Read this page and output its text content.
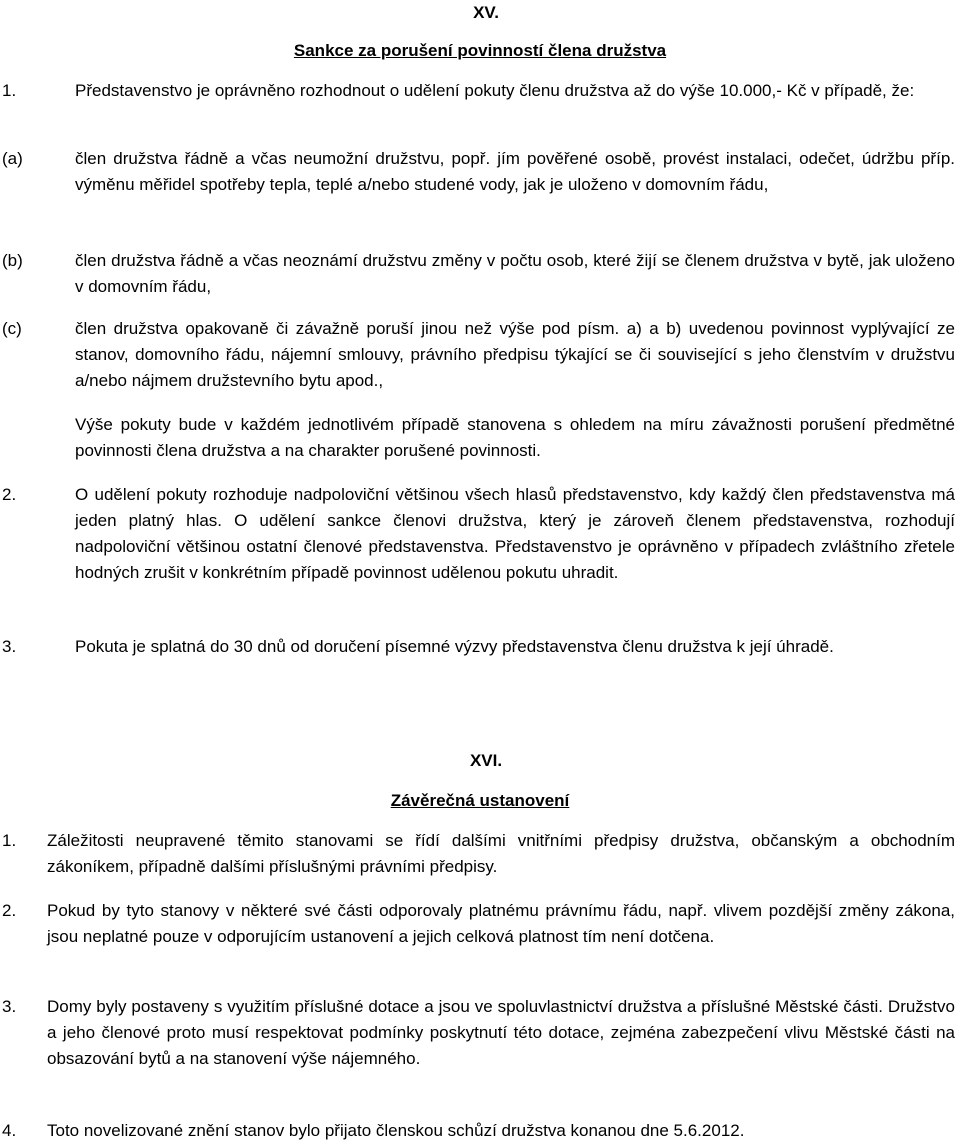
XV.
Sankce za porušení povinností člena družstva
1.	Představenstvo je oprávněno rozhodnout o udělení pokuty členu družstva až do výše 10.000,- Kč v případě, že:
(a)	člen družstva řádně a včas neumožní družstvu, popř. jím pověřené osobě, provést instalaci, odečet, údržbu příp. výměnu měřidel spotřeby tepla, teplé a/nebo studené vody, jak je uloženo v domovním řádu,
(b)	člen družstva řádně a včas neoznámí družstvu změny v počtu osob, které žijí se členem družstva v bytě, jak uloženo v domovním řádu,
(c)	člen družstva opakovaně či závažně poruší jinou než výše pod písm. a) a b) uvedenou povinnost vyplývající ze stanov, domovního řádu, nájemní smlouvy, právního předpisu týkající se či související s jeho členstvím v družstvu a/nebo nájmem družstevního bytu apod.,
Výše pokuty bude v každém jednotlivém případě stanovena s ohledem na míru závažnosti porušení předmětné povinnosti člena družstva a na charakter porušené povinnosti.
2.	O udělení pokuty rozhoduje nadpoloviční většinou všech hlasů představenstvo, kdy každý člen představenstva má jeden platný hlas. O udělení sankce členovi družstva, který je zároveň členem představenstva, rozhodují nadpoloviční většinou ostatní členové představenstva. Představenstvo je oprávněno v případech zvláštního zřetele hodných zrušit v konkrétním případě povinnost udělenou pokutu uhradit.
3.	Pokuta je splatná do 30 dnů od doručení písemné výzvy představenstva členu družstva k její úhradě.
XVI.
Závěrečná ustanovení
1. Záležitosti neupravené těmito stanovami se řídí dalšími vnitřními předpisy družstva, občanským a obchodním zákoníkem, případně dalšími příslušnými právními předpisy.
2. Pokud by tyto stanovy v některé své části odporovaly platnému právnímu řádu, např. vlivem pozdější změny zákona, jsou neplatné pouze v odporujícím ustanovení a jejich celková platnost tím není dotčena.
3. Domy byly postaveny s využitím příslušné dotace a jsou ve spoluvlastnictví družstva a příslušné Městské části. Družstvo a jeho členové proto musí respektovat podmínky poskytnutí této dotace, zejména zabezpečení vlivu Městské části na obsazování bytů a na stanovení výše nájemného.
4. Toto novelizované znění stanov bylo přijato členskou schůzí družstva konanou dne 5.6.2012.
